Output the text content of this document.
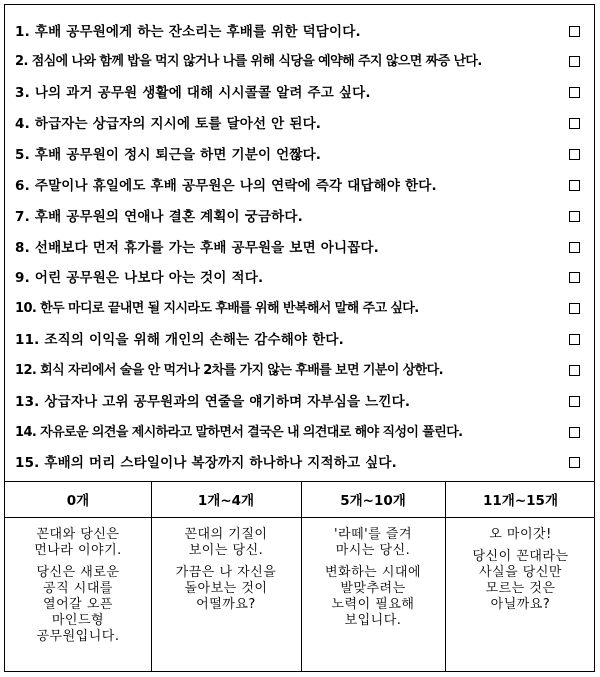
1. 후배 공무원에게 하는 잔소리는 후배를 위한 덕담이다.
2. 점심에 나와 함께 밥을 먹지 않거나 나를 위해 식당을 예약해 주지 않으면 짜증 난다.
3. 나의 과거 공무원 생활에 대해 시시콜콜 알려 주고 싶다.
4. 하급자는 상급자의 지시에 토를 달아선 안 된다.
5. 후배 공무원이 정시 퇴근을 하면 기분이 언짢다.
6. 주말이나 휴일에도 후배 공무원은 나의 연락에 즉각 대답해야 한다.
7. 후배 공무원의 연애나 결혼 계획이 궁금하다.
8. 선배보다 먼저 휴가를 가는 후배 공무원을 보면 아니꼽다.
9. 어린 공무원은 나보다 아는 것이 적다.
10. 한두 마디로 끝내면 될 지시라도 후배를 위해 반복해서 말해 주고 싶다.
11. 조직의 이익을 위해 개인의 손해는 감수해야 한다.
12. 회식 자리에서 술을 안 먹거나 2차를 가지 않는 후배를 보면 기분이 상한다.
13. 상급자나 고위 공무원과의 연줄을 얘기하며 자부심을 느낀다.
14. 자유로운 의견을 제시하라고 말하면서 결국은 내 의견대로 해야 직성이 풀린다.
15. 후배의 머리 스타일이나 복장까지 하나하나 지적하고 싶다.
0개

꼰대와 당신은
먼나라 이야기.

당신은 새로운
공직 시대를
열어갈 오픈
마인드형
공무원입니다.

1개~4개

꼰대의 기질이
보이는 당신.

가끔은 나 자신을
돌아보는 것이
어떨까요?

5개~10개

'라떼'를 즐겨
마시는 당신.

변화하는 시대에
발맞추려는
노력이 필요해
보입니다.

11개~15개

오 마이갓!

당신이 꼰대라는
사실을 당신만
모르는 것은
아닐까요?
